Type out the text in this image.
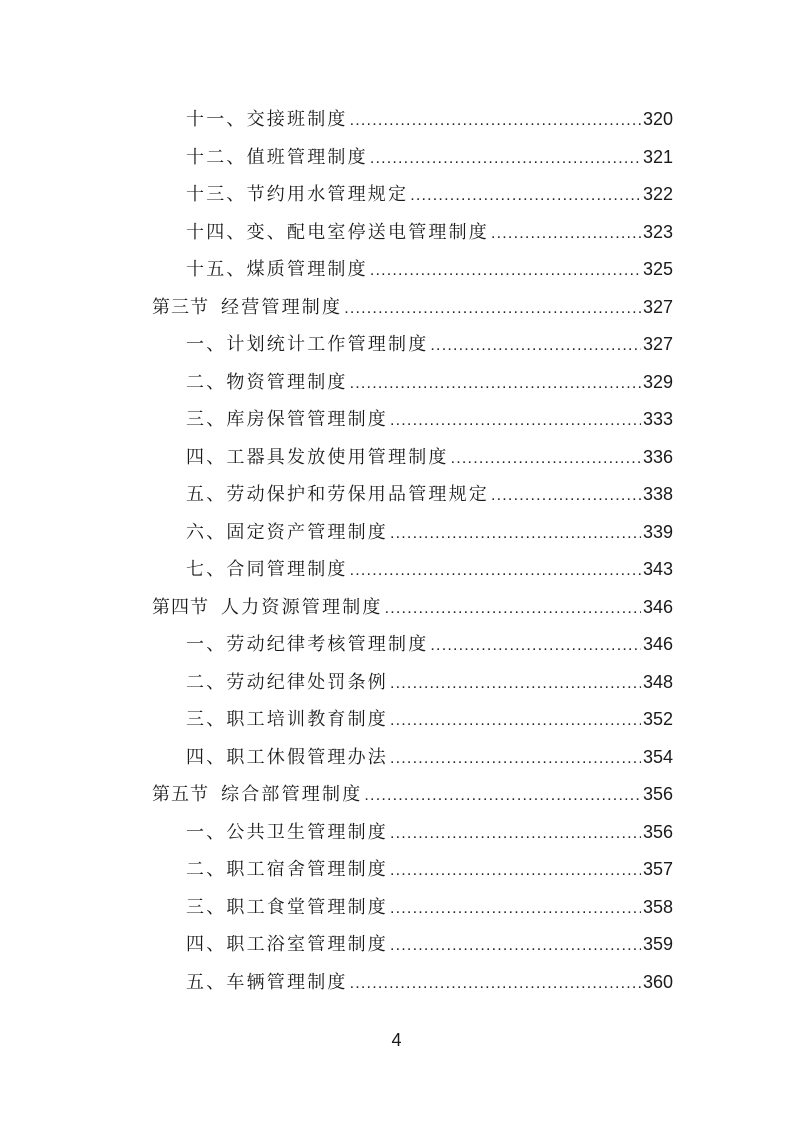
十一、交接班制度 .....	320
十二、值班管理制度 .....	321
十三、节约用水管理规定 .....	322
十四、变、配电室停送电管理制度 .....	323
十五、煤质管理制度 .....	325
第三节 经营管理制度 .....	327
一、计划统计工作管理制度 .....	327
二、物资管理制度 .....	329
三、库房保管管理制度 .....	333
四、工器具发放使用管理制度 .....	336
五、劳动保护和劳保用品管理规定 .....	338
六、固定资产管理制度 .....	339
七、合同管理制度 .....	343
第四节 人力资源管理制度 .....	346
一、劳动纪律考核管理制度 .....	346
二、劳动纪律处罚条例 .....	348
三、职工培训教育制度 .....	352
四、职工休假管理办法 .....	354
第五节 综合部管理制度 .....	356
一、公共卫生管理制度 .....	356
二、职工宿舍管理制度 .....	357
三、职工食堂管理制度 .....	358
四、职工浴室管理制度 .....	359
五、车辆管理制度 .....	360
4
